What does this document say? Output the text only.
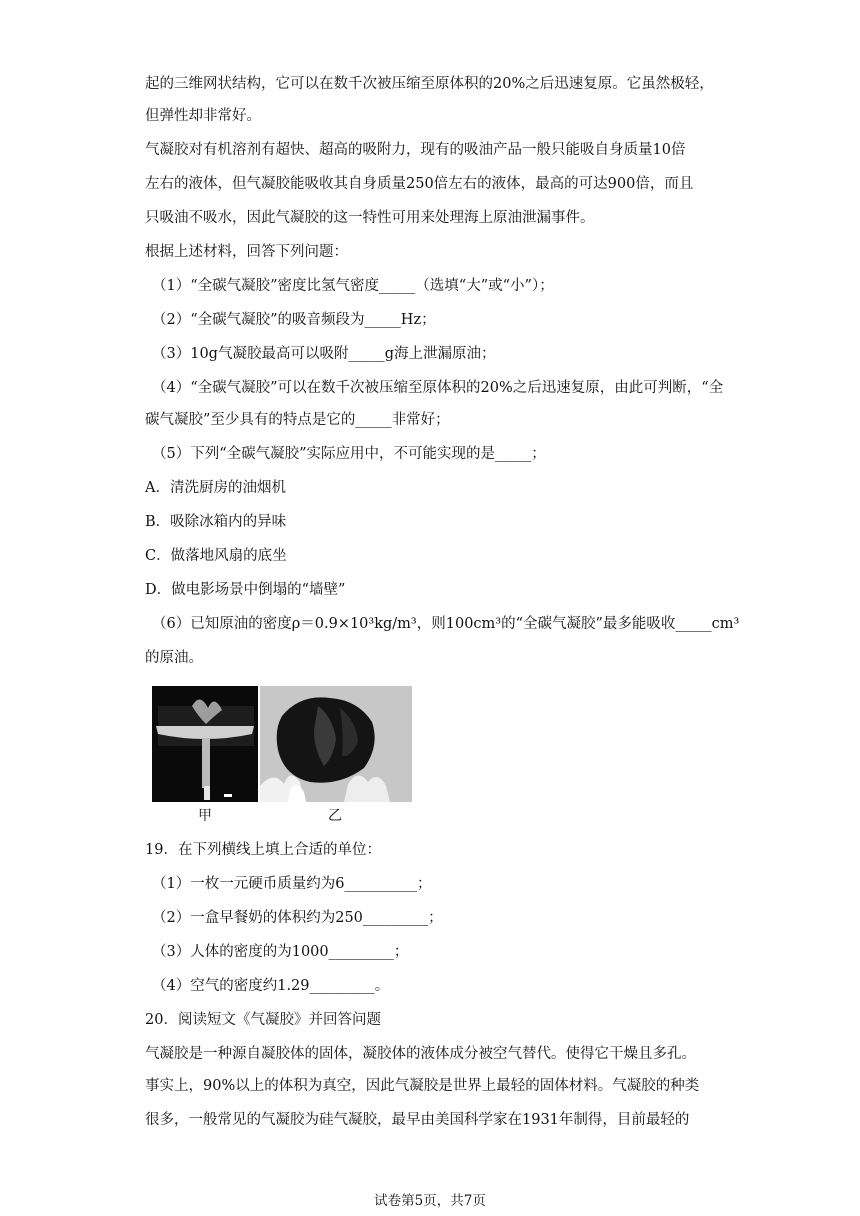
起的三维网状结构，它可以在数千次被压缩至原体积的20%之后迅速复原。它虽然极轻，
但弹性却非常好。
气凝胶对有机溶剂有超快、超高的吸附力，现有的吸油产品一般只能吸自身质量10倍
左右的液体，但气凝胶能吸收其自身质量250倍左右的液体，最高的可达900倍，而且
只吸油不吸水，因此气凝胶的这一特性可用来处理海上原油泄漏事件。
根据上述材料，回答下列问题：
（1）“全碳气凝胶”密度比氢气密度_____（选填“大”或“小”）；
（2）“全碳气凝胶”的吸音频段为_____Hz；
（3）10g气凝胶最高可以吸附_____g海上泄漏原油；
（4）“全碳气凝胶”可以在数千次被压缩至原体积的20%之后迅速复原，由此可判断，“全
碳气凝胶”至少具有的特点是它的_____非常好；
（5）下列“全碳气凝胶”实际应用中，不可能实现的是_____；
A．清洗厨房的油烟机
B．吸除冰箱内的异味
C．做落地风扇的底坐
D．做电影场景中倒塌的“墙壁”
（6）已知原油的密度ρ＝0.9×10³kg/m³，则100cm³的“全碳气凝胶”最多能吸收_____cm³
的原油。
甲	乙
19．在下列横线上填上合适的单位：
（1）一枚一元硬币质量约为6__________；
（2）一盒早餐奶的体积约为250_________；
（3）人体的密度的为1000_________；
（4）空气的密度约1.29_________。
20．阅读短文《气凝胶》并回答问题
气凝胶是一种源自凝胶体的固体，凝胶体的液体成分被空气替代。使得它干燥且多孔。
事实上，90%以上的体积为真空，因此气凝胶是世界上最轻的固体材料。气凝胶的种类
很多，一般常见的气凝胶为硅气凝胶，最早由美国科学家在1931年制得，目前最轻的
试卷第5页，共7页
